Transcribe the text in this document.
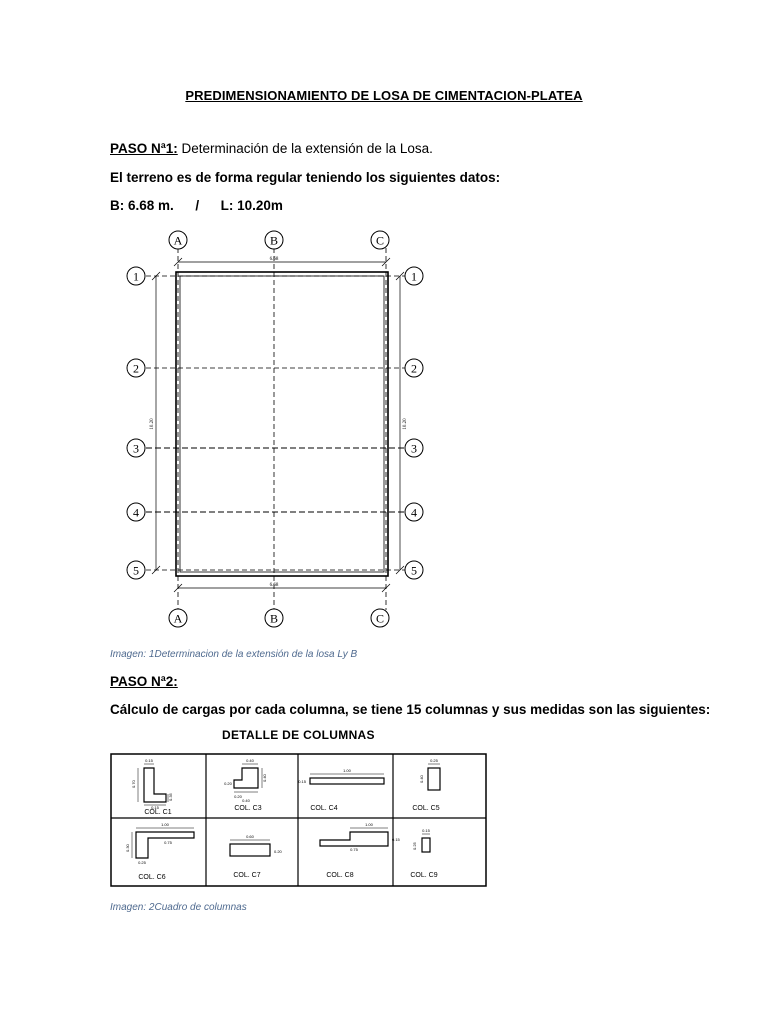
PREDIMENSIONAMIENTO DE LOSA DE CIMENTACION-PLATEA
PASO Nª1: Determinación de la extensión de la Losa.
El terreno es de forma regular teniendo los siguientes datos:
B: 6.68 m. / L: 10.20m
A	B	C
A	B	C
1
2
3
4
5
1
2
3
4
5
6.68
6.68
10.20	10.20
Imagen: 1Determinacion de la extensión de la losa Ly B
PASO Nª2:
Cálculo de cargas por cada columna, se tiene 15 columnas y sus medidas son las siguientes:
DETALLE DE COLUMNAS
0.15
0.70
0.15
0.35
COL. C1
0.40
0.20
0.40
0.20
0.40
COL. C3
1.00
0.15
COL. C4
0.25
0.40
COL. C5
1.00
0.30
0.75
0.25
COL. C6
0.60
0.20
COL. C7
1.00
0.15
0.75
COL. C8
0.15
0.25
COL. C9
Imagen: 2Cuadro de columnas
